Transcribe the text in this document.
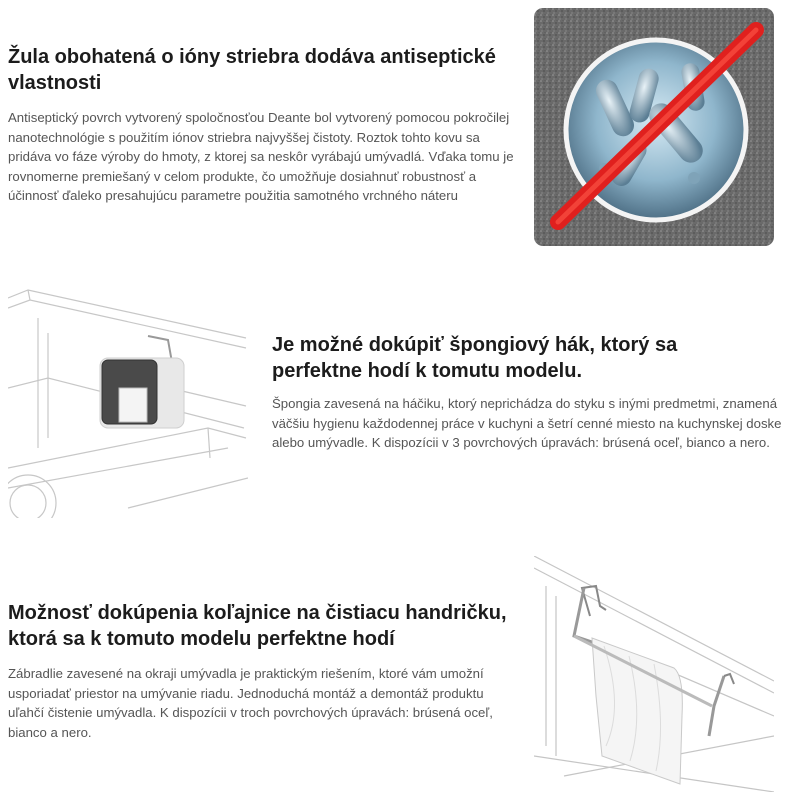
Žula obohatená o ióny striebra dodáva antiseptické vlastnosti

Antiseptický povrch vytvorený spoločnosťou Deante bol vytvorený pomocou pokročilej nanotechnológie s použitím iónov striebra najvyššej čistoty. Roztok tohto kovu sa pridáva vo fáze výroby do hmoty, z ktorej sa neskôr vyrábajú umývadlá. Vďaka tomu je rovnomerne premiešaný v celom produkte, čo umožňuje dosiahnuť robustnosť a účinnosť ďaleko presahujúcu parametre použitia samotného vrchného náteru

Je možné dokúpiť špongiový hák, ktorý sa perfektne hodí k tomutu modelu.

Špongia zavesená na háčiku, ktorý neprichádza do styku s inými predmetmi, znamená väčšiu hygienu každodennej práce v kuchyni a šetrí cenné miesto na kuchynskej doske alebo umývadle. K dispozícii v 3 povrchových úpravách: brúsená oceľ, bianco a nero.

Možnosť dokúpenia koľajnice na čistiacu handričku, ktorá sa k tomuto modelu perfektne hodí

Zábradlie zavesené na okraji umývadla je praktickým riešením, ktoré vám umožní usporiadať priestor na umývanie riadu. Jednoduchá montáž a demontáž produktu uľahčí čistenie umývadla. K dispozícii v troch povrchových úpravách: brúsená oceľ, bianco a nero.
